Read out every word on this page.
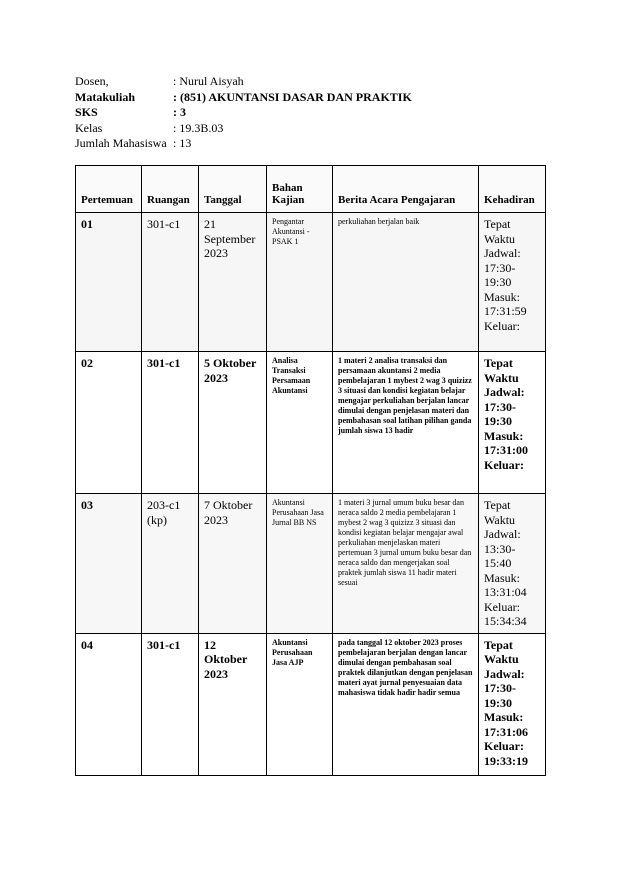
Dosen,	: Nurul Aisyah
Matakuliah	: (851) AKUNTANSI DASAR DAN PRAKTIK
SKS	: 3
Kelas	: 19.3B.03
Jumlah Mahasiswa : 13
Pertemuan	Ruangan	Tanggal	Bahan Kajian	Berita Acara Pengajaran	Kehadiran
01	301-c1	21 September 2023	Pengantar Akuntansi - PSAK 1	perkuliahan berjalan baik	Tepat Waktu Jadwal: 17:30-19:30 Masuk: 17:31:59 Keluar:
02	301-c1	5 Oktober 2023	Analisa Transaksi Persamaan Akuntansi	1 materi 2 analisa transaksi dan persamaan akuntansi 2 media pembelajaran 1 mybest 2 wag 3 quizizz 3 situasi dan kondisi kegiatan belajar mengajar perkuliahan berjalan lancar dimulai dengan penjelasan materi dan pembahasan soal latihan pilihan ganda jumlah siswa 13 hadir	Tepat Waktu Jadwal: 17:30-19:30 Masuk: 17:31:00 Keluar:
03	203-c1 (kp)	7 Oktober 2023	Akuntansi Perusahaan Jasa Jurnal BB NS	1 materi 3 jurnal umum buku besar dan neraca saldo 2 media pembelajaran 1 mybest 2 wag 3 quizizz 3 situasi dan kondisi kegiatan belajar mengajar awal perkuliahan menjelaskan materi pertemuan 3 jurnal umum buku besar dan neraca saldo dan mengerjakan soal praktek jumlah siswa 11 hadir materi sesuai	Tepat Waktu Jadwal: 13:30-15:40 Masuk: 13:31:04 Keluar: 15:34:34
04	301-c1	12 Oktober 2023	Akuntansi Perusahaan Jasa AJP	pada tanggal 12 oktober 2023 proses pembelajaran berjalan dengan lancar dimulai dengan pembahasan soal praktek dilanjutkan dengan penjelasan materi ayat jurnal penyesuaian data mahasiswa tidak hadir hadir semua	Tepat Waktu Jadwal: 17:30-19:30 Masuk: 17:31:06 Keluar: 19:33:19
